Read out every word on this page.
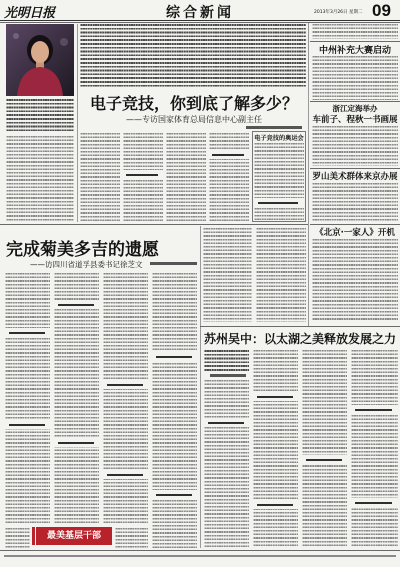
光明日报	综合新闻	2013年3月26日 星期二 09
电子竞技，你到底了解多少？
——专访国家体育总局信息中心副主任
电子竞技的奥运会
中州补充大赛启动
浙江定海举办
车前子、程秋一书画展
罗山美术群体来京办展
《北京·一家人》开机
完成菊美多吉的遗愿
——访四川省道孚县委书记徐芝文
最美基层干部
苏州吴中：以太湖之美释放发展之力
